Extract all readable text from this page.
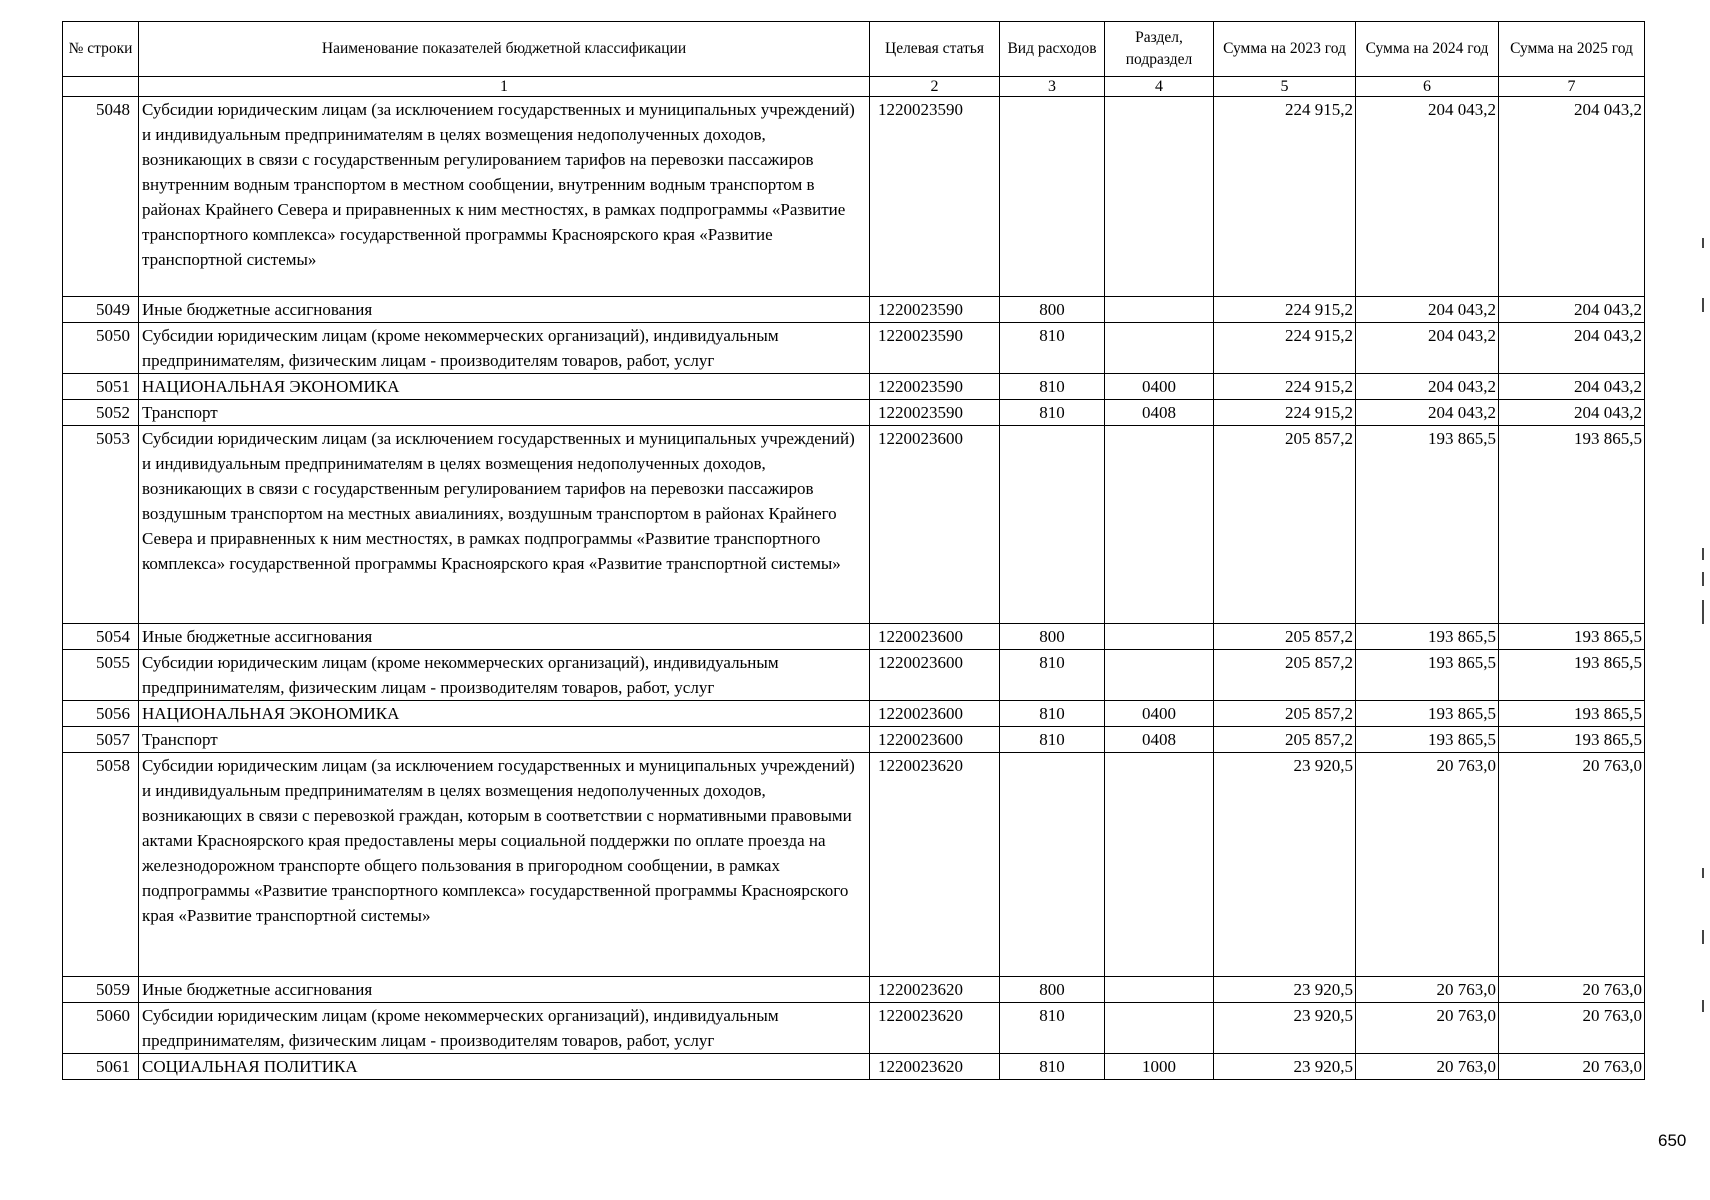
№ строки	Наименование показателей бюджетной классификации	Целевая статья	Вид расходов	Раздел, подраздел	Сумма на 2023 год	Сумма на 2024 год	Сумма на 2025 год
	1	2	3	4	5	6	7
5048	Субсидии юридическим лицам (за исключением государственных и муниципальных учреждений) и индивидуальным предпринимателям в целях возмещения недополученных доходов, возникающих в связи с государственным регулированием тарифов на перевозки пассажиров внутренним водным транспортом в местном сообщении, внутренним водным транспортом в районах Крайнего Севера и приравненных к ним местностях, в рамках подпрограммы «Развитие транспортного комплекса» государственной программы Красноярского края «Развитие транспортной системы»	1220023590			224 915,2	204 043,2	204 043,2
5049	Иные бюджетные ассигнования	1220023590	800		224 915,2	204 043,2	204 043,2
5050	Субсидии юридическим лицам (кроме некоммерческих организаций), индивидуальным предпринимателям, физическим лицам - производителям товаров, работ, услуг	1220023590	810		224 915,2	204 043,2	204 043,2
5051	НАЦИОНАЛЬНАЯ ЭКОНОМИКА	1220023590	810	0400	224 915,2	204 043,2	204 043,2
5052	Транспорт	1220023590	810	0408	224 915,2	204 043,2	204 043,2
5053	Субсидии юридическим лицам (за исключением государственных и муниципальных учреждений) и индивидуальным предпринимателям в целях возмещения недополученных доходов, возникающих в связи с государственным регулированием тарифов на перевозки пассажиров воздушным транспортом на местных авиалиниях, воздушным транспортом в районах Крайнего Севера и приравненных к ним местностях, в рамках подпрограммы «Развитие транспортного комплекса» государственной программы Красноярского края «Развитие транспортной системы»	1220023600			205 857,2	193 865,5	193 865,5
5054	Иные бюджетные ассигнования	1220023600	800		205 857,2	193 865,5	193 865,5
5055	Субсидии юридическим лицам (кроме некоммерческих организаций), индивидуальным предпринимателям, физическим лицам - производителям товаров, работ, услуг	1220023600	810		205 857,2	193 865,5	193 865,5
5056	НАЦИОНАЛЬНАЯ ЭКОНОМИКА	1220023600	810	0400	205 857,2	193 865,5	193 865,5
5057	Транспорт	1220023600	810	0408	205 857,2	193 865,5	193 865,5
5058	Субсидии юридическим лицам (за исключением государственных и муниципальных учреждений) и индивидуальным предпринимателям в целях возмещения недополученных доходов, возникающих в связи с перевозкой граждан, которым в соответствии с нормативными правовыми актами Красноярского края предоставлены меры социальной поддержки по оплате проезда на железнодорожном транспорте общего пользования в пригородном сообщении, в рамках подпрограммы «Развитие транспортного комплекса» государственной программы Красноярского края «Развитие транспортной системы»	1220023620			23 920,5	20 763,0	20 763,0
5059	Иные бюджетные ассигнования	1220023620	800		23 920,5	20 763,0	20 763,0
5060	Субсидии юридическим лицам (кроме некоммерческих организаций), индивидуальным предпринимателям, физическим лицам - производителям товаров, работ, услуг	1220023620	810		23 920,5	20 763,0	20 763,0
5061	СОЦИАЛЬНАЯ ПОЛИТИКА	1220023620	810	1000	23 920,5	20 763,0	20 763,0
650
